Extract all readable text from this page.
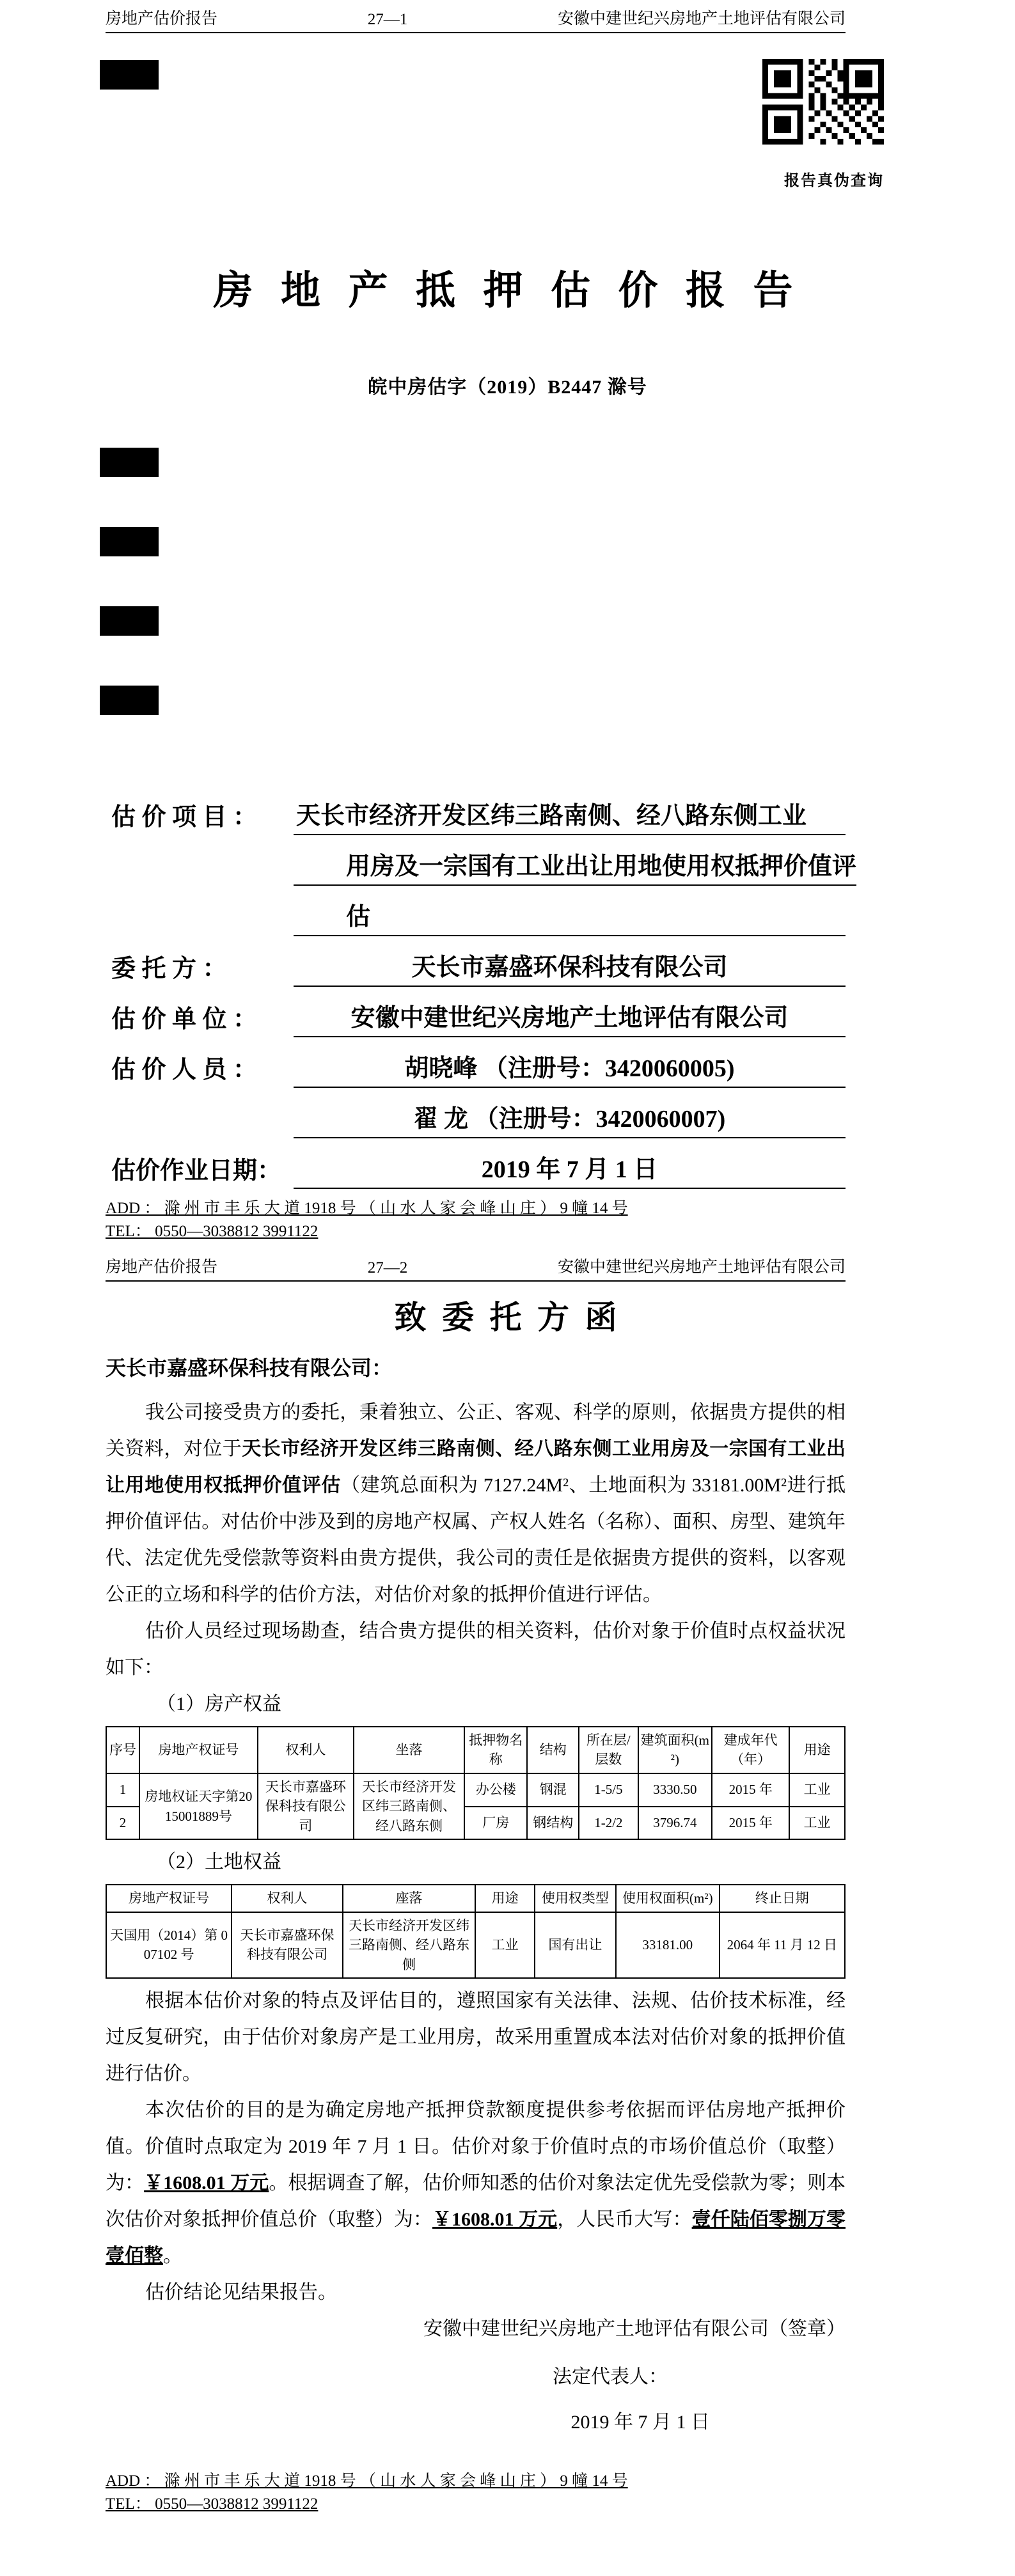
房地产估价报告	27—1	安徽中建世纪兴房地产土地评估有限公司
报告真伪查询
房 地 产 抵 押 估 价 报 告
皖中房估字（2019）B2447 滁号
估 价 项 目 ：	天长市经济开发区纬三路南侧、经八路东侧工业
用房及一宗国有工业出让用地使用权抵押价值评
估
委 托 方 ：	天长市嘉盛环保科技有限公司
估 价 单 位 ：	安徽中建世纪兴房地产土地评估有限公司
估 价 人 员 ：	胡晓峰 （注册号：3420060005)
翟 龙 （注册号：3420060007)
估价作业日期：	2019 年 7 月 1 日
ADD ： 滁 州 市 丰 乐 大 道 1918 号 （ 山 水 人 家 会 峰 山 庄 ） 9 幢 14 号
TEL： 0550—3038812 3991122
房地产估价报告	27—2	安徽中建世纪兴房地产土地评估有限公司
致 委 托 方 函
天长市嘉盛环保科技有限公司：

我公司接受贵方的委托，秉着独立、公正、客观、科学的原则，依据贵方提供的相关资料，对位于天长市经济开发区纬三路南侧、经八路东侧工业用房及一宗国有工业出让用地使用权抵押价值评估（建筑总面积为 7127.24M²、土地面积为 33181.00M²进行抵押价值评估。对估价中涉及到的房地产权属、产权人姓名（名称）、面积、房型、建筑年代、法定优先受偿款等资料由贵方提供，我公司的责任是依据贵方提供的资料，以客观公正的立场和科学的估价方法，对估价对象的抵押价值进行评估。

估价人员经过现场勘查，结合贵方提供的相关资料，估价对象于价值时点权益状况如下：

（1）房产权益
序号	房地产权证号	权利人	坐落	抵押物名称	结构	所在层/层数	建筑面积(m²)	建成年代（年）	用途
1	房地权证天字第2015001889号	天长市嘉盛环保科技有限公司	天长市经济开发区纬三路南侧、经八路东侧	办公楼	钢混	1-5/5	3330.50	2015 年	工业
2				厂房	钢结构	1-2/2	3796.74	2015 年	工业
（2）土地权益
房地产权证号	权利人	座落	用途	使用权类型	使用权面积(m²)	终止日期
天国用（2014）第 007102 号	天长市嘉盛环保科技有限公司	天长市经济开发区纬三路南侧、经八路东侧	工业	国有出让	33181.00	2064 年 11 月 12 日

根据本估价对象的特点及评估目的，遵照国家有关法律、法规、估价技术标准，经过反复研究，由于估价对象房产是工业用房，故采用重置成本法对估价对象的抵押价值进行估价。

本次估价的目的是为确定房地产抵押贷款额度提供参考依据而评估房地产抵押价值。价值时点取定为 2019 年 7 月 1 日。估价对象于价值时点的市场价值总价（取整）为：￥1608.01 万元。根据调查了解，估价师知悉的估价对象法定优先受偿款为零；则本次估价对象抵押价值总价（取整）为：￥1608.01 万元，人民币大写：壹仟陆佰零捌万零壹佰整。

估价结论见结果报告。

安徽中建世纪兴房地产土地评估有限公司（签章）
法定代表人：
2019 年 7 月 1 日
ADD ： 滁 州 市 丰 乐 大 道 1918 号 （ 山 水 人 家 会 峰 山 庄 ） 9 幢 14 号
TEL： 0550—3038812 3991122
